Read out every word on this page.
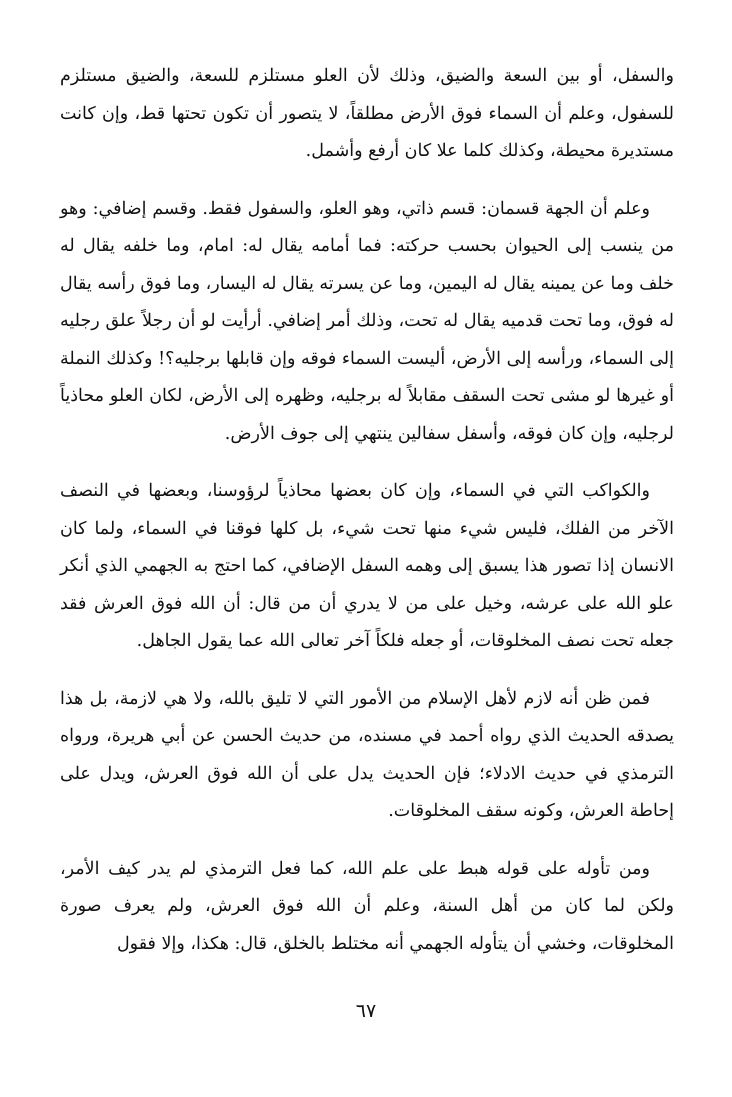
والسفل، أو بين السعة والضيق، وذلك لأن العلو مستلزم للسعة، والضيق مستلزم للسفول، وعلم أن السماء فوق الأرض مطلقاً، لا يتصور أن تكون تحتها قط، وإن كانت مستديرة محيطة، وكذلك كلما علا كان أرفع وأشمل.

وعلم أن الجهة قسمان: قسم ذاتي، وهو العلو، والسفول فقط. وقسم إضافي: وهو من ينسب إلى الحيوان بحسب حركته: فما أمامه يقال له: امام، وما خلفه يقال له خلف وما عن يمينه يقال له اليمين، وما عن يسرته يقال له اليسار، وما فوق رأسه يقال له فوق، وما تحت قدميه يقال له تحت، وذلك أمر إضافي. أرأيت لو أن رجلاً علق رجليه إلى السماء، ورأسه إلى الأرض، أليست السماء فوقه وإن قابلها برجليه؟! وكذلك النملة أو غيرها لو مشى تحت السقف مقابلاً له برجليه، وظهره إلى الأرض، لكان العلو محاذياً لرجليه، وإن كان فوقه، وأسفل سفالين ينتهي إلى جوف الأرض.

والكواكب التي في السماء، وإن كان بعضها محاذياً لرؤوسنا، وبعضها في النصف الآخر من الفلك، فليس شيء منها تحت شيء، بل كلها فوقنا في السماء، ولما كان الانسان إذا تصور هذا يسبق إلى وهمه السفل الإضافي، كما احتج به الجهمي الذي أنكر علو الله على عرشه، وخيل على من لا يدري أن من قال: أن الله فوق العرش فقد جعله تحت نصف المخلوقات، أو جعله فلكاً آخر تعالى الله عما يقول الجاهل.

فمن ظن أنه لازم لأهل الإسلام من الأمور التي لا تليق بالله، ولا هي لازمة، بل هذا يصدقه الحديث الذي رواه أحمد في مسنده، من حديث الحسن عن أبي هريرة، ورواه الترمذي في حديث الادلاء؛ فإن الحديث يدل على أن الله فوق العرش، ويدل على إحاطة العرش، وكونه سقف المخلوقات.

ومن تأوله على قوله هبط على علم الله، كما فعل الترمذي لم يدر كيف الأمر، ولكن لما كان من أهل السنة، وعلم أن الله فوق العرش، ولم يعرف صورة المخلوقات، وخشي أن يتأوله الجهمي أنه مختلط بالخلق، قال: هكذا، وإلا فقول

٦٧
